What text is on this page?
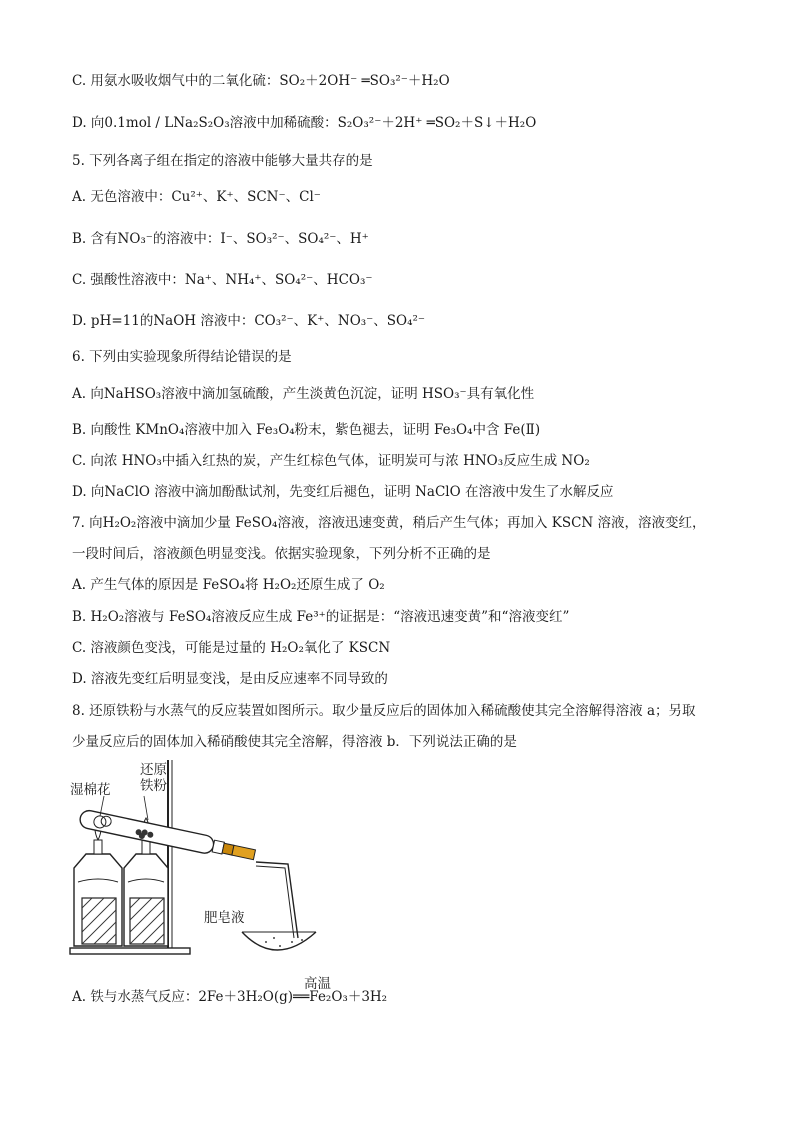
C. 用氨水吸收烟气中的二氧化硫：SO₂＋2OH⁻ ═SO₃²⁻＋H₂O
D. 向0.1mol / LNa₂S₂O₃溶液中加稀硫酸：S₂O₃²⁻＋2H⁺ ═SO₂＋S↓＋H₂O
5. 下列各离子组在指定的溶液中能够大量共存的是
A. 无色溶液中：Cu²⁺、K⁺、SCN⁻、Cl⁻
B. 含有NO₃⁻的溶液中：I⁻、SO₃²⁻、SO₄²⁻、H⁺
C. 强酸性溶液中：Na⁺、NH₄⁺、SO₄²⁻、HCO₃⁻
D. pH=11的NaOH 溶液中：CO₃²⁻、K⁺、NO₃⁻、SO₄²⁻
6. 下列由实验现象所得结论错误的是
A. 向NaHSO₃溶液中滴加氢硫酸，产生淡黄色沉淀，证明 HSO₃⁻具有氧化性
B. 向酸性 KMnO₄溶液中加入 Fe₃O₄粉末，紫色褪去，证明 Fe₃O₄中含 Fe(Ⅱ)
C. 向浓 HNO₃中插入红热的炭，产生红棕色气体，证明炭可与浓 HNO₃反应生成 NO₂
D. 向NaClO 溶液中滴加酚酞试剂，先变红后褪色，证明 NaClO 在溶液中发生了水解反应
7. 向H₂O₂溶液中滴加少量 FeSO₄溶液，溶液迅速变黄，稍后产生气体；再加入 KSCN 溶液，溶液变红，
一段时间后，溶液颜色明显变浅。依据实验现象，下列分析不正确的是
A. 产生气体的原因是 FeSO₄将 H₂O₂还原生成了 O₂
B. H₂O₂溶液与 FeSO₄溶液反应生成 Fe³⁺的证据是：“溶液迅速变黄”和“溶液变红”
C. 溶液颜色变浅，可能是过量的 H₂O₂氧化了 KSCN
D. 溶液先变红后明显变浅，是由反应速率不同导致的
8. 还原铁粉与水蒸气的反应装置如图所示。取少量反应后的固体加入稀硫酸使其完全溶解得溶液 a；另取
少量反应后的固体加入稀硝酸使其完全溶解，得溶液 b．下列说法正确的是
湿棉花
还原
铁粉
肥皂液
高温
A. 铁与水蒸气反应：2Fe＋3H₂O(g)══Fe₂O₃＋3H₂
